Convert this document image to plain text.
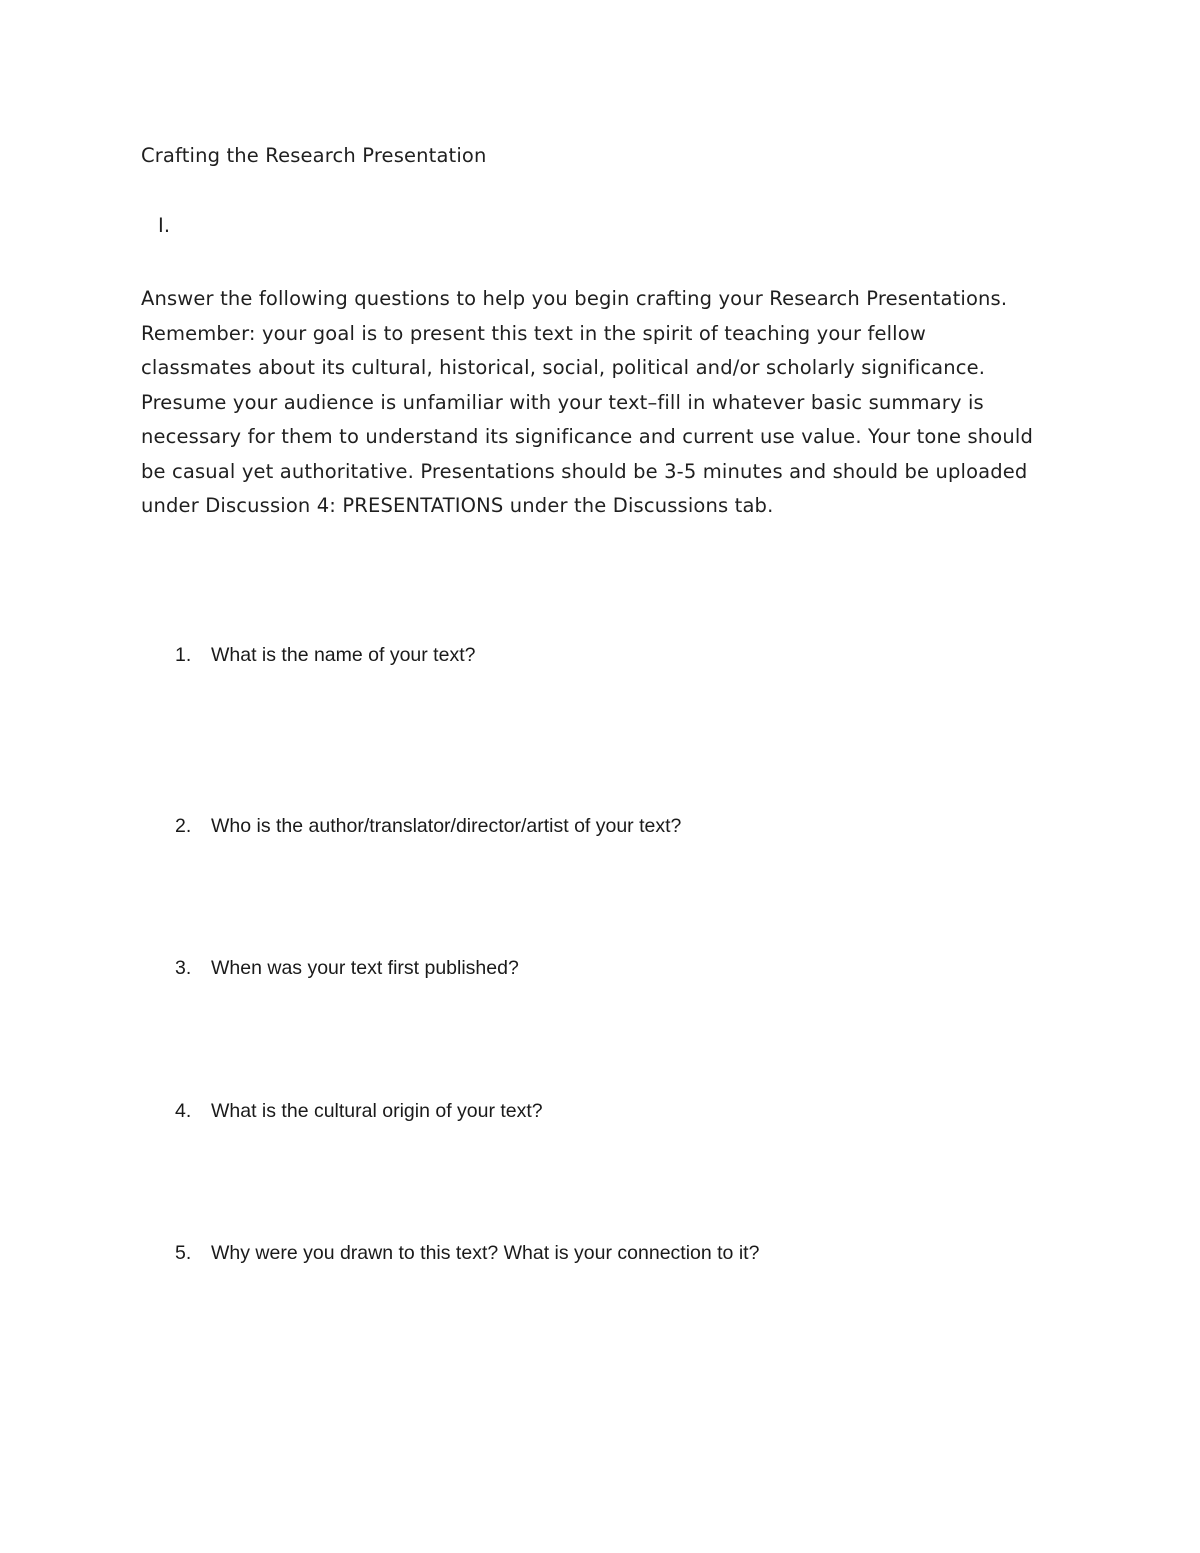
Crafting the Research Presentation
I.

Answer the following questions to help you begin crafting your Research Presentations.
Remember: your goal is to present this text in the spirit of teaching your fellow
classmates about its cultural, historical, social, political and/or scholarly significance.
Presume your audience is unfamiliar with your text–fill in whatever basic summary is
necessary for them to understand its significance and current use value. Your tone should
be casual yet authoritative. Presentations should be 3-5 minutes and should be uploaded
under Discussion 4: PRESENTATIONS under the Discussions tab.

1. What is the name of your text?
2. Who is the author/translator/director/artist of your text?
3. When was your text first published?
4. What is the cultural origin of your text?
5. Why were you drawn to this text? What is your connection to it?
